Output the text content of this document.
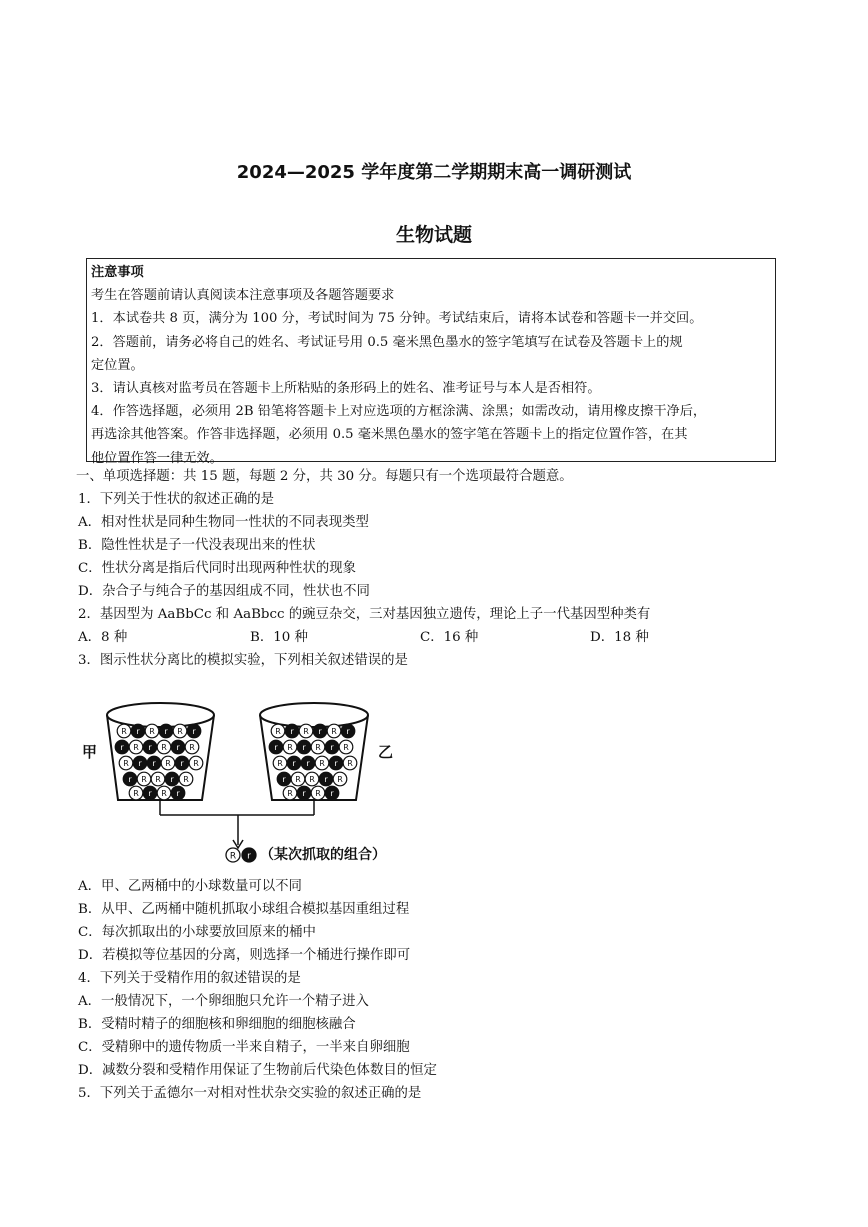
2024—2025 学年度第二学期期末高一调研测试
生物试题
注意事项
考生在答题前请认真阅读本注意事项及各题答题要求
1．本试卷共 8 页，满分为 100 分，考试时间为 75 分钟。考试结束后，请将本试卷和答题卡一并交回。
2．答题前，请务必将自己的姓名、考试证号用 0.5 毫米黑色墨水的签字笔填写在试卷及答题卡上的规
定位置。
3．请认真核对监考员在答题卡上所粘贴的条形码上的姓名、准考证号与本人是否相符。
4．作答选择题，必须用 2B 铅笔将答题卡上对应选项的方框涂满、涂黑；如需改动，请用橡皮擦干净后，
再选涂其他答案。作答非选择题，必须用 0.5 毫米黑色墨水的签字笔在答题卡上的指定位置作答，在其
他位置作答一律无效。
一、单项选择题：共 15 题，每题 2 分，共 30 分。每题只有一个选项最符合题意。
1．下列关于性状的叙述正确的是
A．相对性状是同种生物同一性状的不同表现类型
B．隐性性状是子一代没表现出来的性状
C．性状分离是指后代同时出现两种性状的现象
D．杂合子与纯合子的基因组成不同，性状也不同
2．基因型为 AaBbCc 和 AaBbcc 的豌豆杂交，三对基因独立遗传，理论上子一代基因型种类有
A．8 种	B．10 种	C．16 种	D．18 种
3．图示性状分离比的模拟实验，下列相关叙述错误的是
R r R r R r
r R r R r R
R r r R r R
r R R r R
R r R r
R r R r R r
r R r R r R
R r r R r R
r R R r R
R r R r
甲	乙
R r （某次抓取的组合）
A．甲、乙两桶中的小球数量可以不同
B．从甲、乙两桶中随机抓取小球组合模拟基因重组过程
C．每次抓取出的小球要放回原来的桶中
D．若模拟等位基因的分离，则选择一个桶进行操作即可
4．下列关于受精作用的叙述错误的是
A．一般情况下，一个卵细胞只允许一个精子进入
B．受精时精子的细胞核和卵细胞的细胞核融合
C．受精卵中的遗传物质一半来自精子，一半来自卵细胞
D．减数分裂和受精作用保证了生物前后代染色体数目的恒定
5．下列关于孟德尔一对相对性状杂交实验的叙述正确的是
